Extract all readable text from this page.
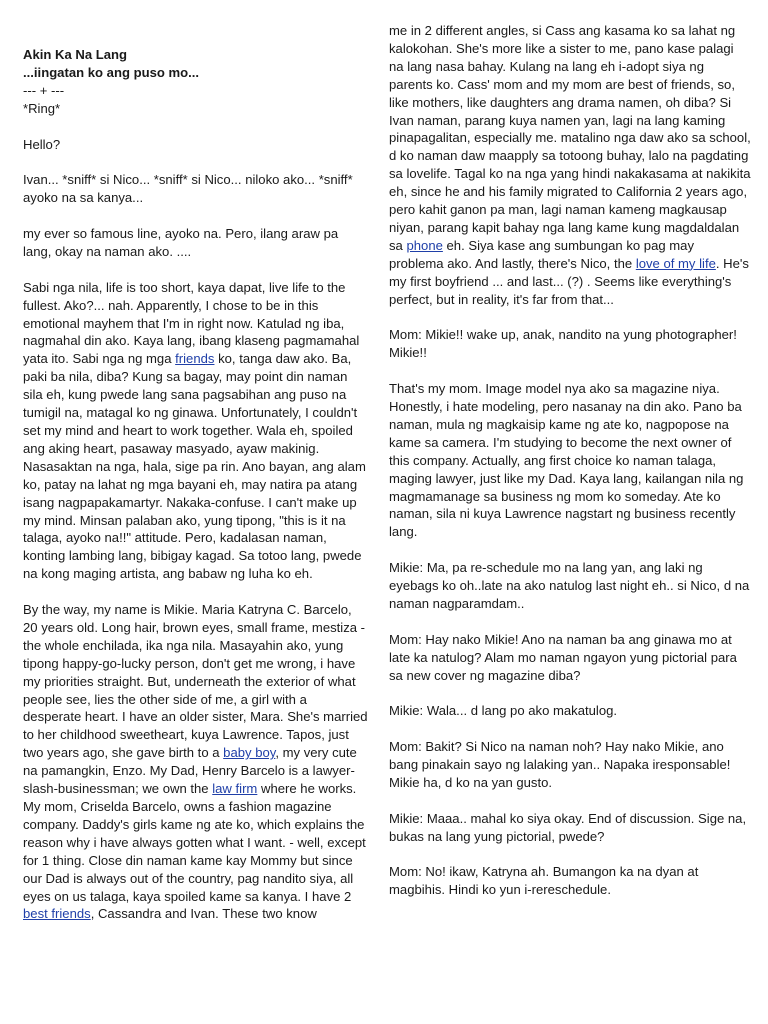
Akin Ka Na Lang

...iingatan ko ang puso mo...

--- + ---

*Ring*

Hello?

Ivan... *sniff* si Nico... *sniff* si Nico... niloko ako... *sniff* ayoko na sa kanya...

my ever so famous line, ayoko na. Pero, ilang araw pa lang, okay na naman ako. ....

Sabi nga nila, life is too short, kaya dapat, live life to the fullest. Ako?... nah. Apparently, I chose to be in this emotional mayhem that I'm in right now. Katulad ng iba, nagmahal din ako. Kaya lang, ibang klaseng pagmamahal yata ito. Sabi nga ng mga friends ko, tanga daw ako. Ba, paki ba nila, diba? Kung sa bagay, may point din naman sila eh, kung pwede lang sana pagsabihan ang puso na tumigil na, matagal ko ng ginawa. Unfortunately, I couldn't set my mind and heart to work together. Wala eh, spoiled ang aking heart, pasaway masyado, ayaw makinig. Nasasaktan na nga, hala, sige pa rin. Ano bayan, ang alam ko, patay na lahat ng mga bayani eh, may natira pa atang isang nagpapakamartyr. Nakaka-confuse. I can't make up my mind. Minsan palaban ako, yung tipong, "this is it na talaga, ayoko na!!" attitude. Pero, kadalasan naman, konting lambing lang, bibigay kagad. Sa totoo lang, pwede na kong maging artista, ang babaw ng luha ko eh.

By the way, my name is Mikie. Maria Katryna C. Barcelo, 20 years old. Long hair, brown eyes, small frame, mestiza - the whole enchilada, ika nga nila. Masayahin ako, yung tipong happy-go-lucky person, don't get me wrong, i have my priorities straight. But, underneath the exterior of what people see, lies the other side of me, a girl with a desperate heart. I have an older sister, Mara. She's married to her childhood sweetheart, kuya Lawrence. Tapos, just two years ago, she gave birth to a baby boy, my very cute na pamangkin, Enzo. My Dad, Henry Barcelo is a lawyer-slash-businessman; we own the law firm where he works. My mom, Criselda Barcelo, owns a fashion magazine company. Daddy's girls kame ng ate ko, which explains the reason why i have always gotten what I want. - well, except for 1 thing. Close din naman kame kay Mommy but since our Dad is always out of the country, pag nandito siya, all eyes on us talaga, kaya spoiled kame sa kanya. I have 2 best friends, Cassandra and Ivan. These two know

me in 2 different angles, si Cass ang kasama ko sa lahat ng kalokohan. She's more like a sister to me, pano kase palagi na lang nasa bahay. Kulang na lang eh i-adopt siya ng parents ko. Cass' mom and my mom are best of friends, so, like mothers, like daughters ang drama namen, oh diba? Si Ivan naman, parang kuya namen yan, lagi na lang kaming pinapagalitan, especially me. matalino nga daw ako sa school, d ko naman daw maapply sa totoong buhay, lalo na pagdating sa lovelife. Tagal ko na nga yang hindi nakakasama at nakikita eh, since he and his family migrated to California 2 years ago, pero kahit ganon pa man, lagi naman kameng magkausap niyan, parang kapit bahay nga lang kame kung magdaldalan sa phone eh. Siya kase ang sumbungan ko pag may problema ako. And lastly, there's Nico, the love of my life. He's my first boyfriend ... and last... (?) . Seems like everything's perfect, but in reality, it's far from that...

Mom: Mikie!! wake up, anak, nandito na yung photographer! Mikie!!

That's my mom. Image model nya ako sa magazine niya. Honestly, i hate modeling, pero nasanay na din ako. Pano ba naman, mula ng magkaisip kame ng ate ko, nagpopose na kame sa camera. I'm studying to become the next owner of this company. Actually, ang first choice ko naman talaga, maging lawyer, just like my Dad. Kaya lang, kailangan nila ng magmamanage sa business ng mom ko someday. Ate ko naman, sila ni kuya Lawrence nagstart ng business recently lang.

Mikie: Ma, pa re-schedule mo na lang yan, ang laki ng eyebags ko oh..late na ako natulog last night eh.. si Nico, d na naman nagparamdam..

Mom: Hay nako Mikie! Ano na naman ba ang ginawa mo at late ka natulog? Alam mo naman ngayon yung pictorial para sa new cover ng magazine diba?

Mikie: Wala... d lang po ako makatulog.

Mom: Bakit? Si Nico na naman noh? Hay nako Mikie, ano bang pinakain sayo ng lalaking yan.. Napaka iresponsable! Mikie ha, d ko na yan gusto.

Mikie: Maaa.. mahal ko siya okay. End of discussion. Sige na, bukas na lang yung pictorial, pwede?

Mom: No! ikaw, Katryna ah. Bumangon ka na dyan at magbihis. Hindi ko yun i-rereschedule.
